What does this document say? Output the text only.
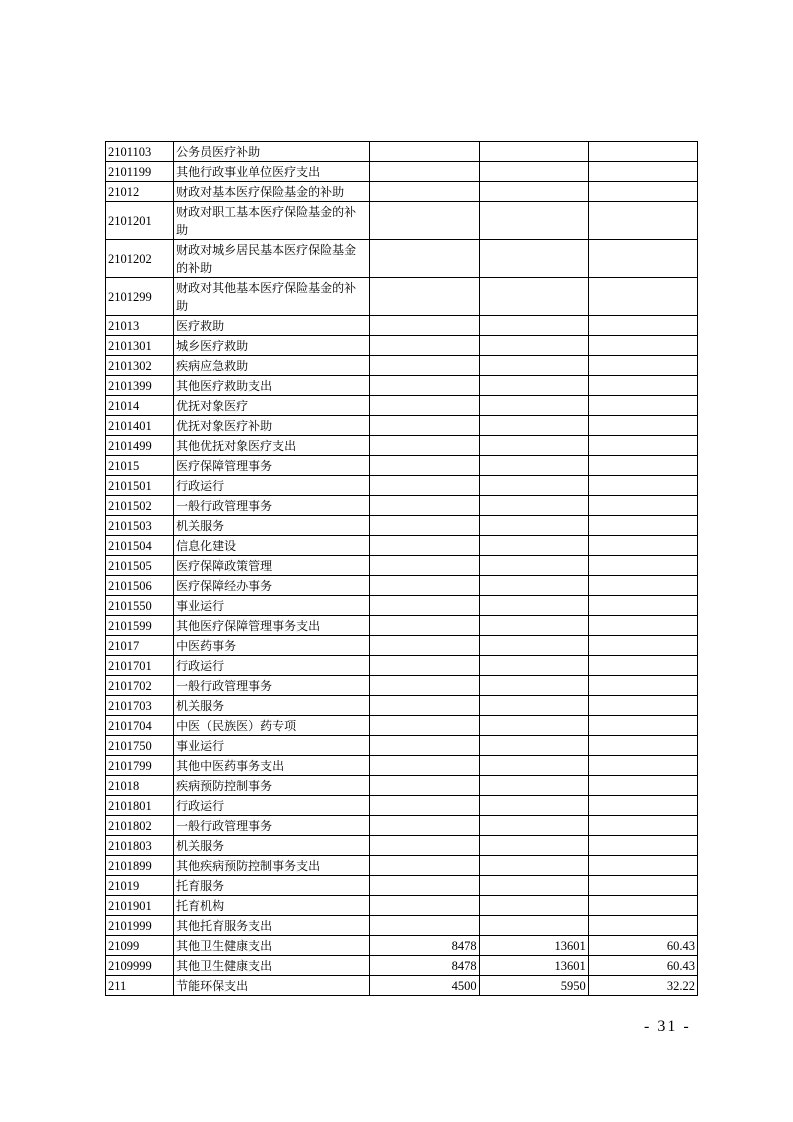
2101103	公务员医疗补助			
2101199	其他行政事业单位医疗支出			
21012	财政对基本医疗保险基金的补助			
2101201	财政对职工基本医疗保险基金的补助			
2101202	财政对城乡居民基本医疗保险基金的补助			
2101299	财政对其他基本医疗保险基金的补助			
21013	医疗救助			
2101301	城乡医疗救助			
2101302	疾病应急救助			
2101399	其他医疗救助支出			
21014	优抚对象医疗			
2101401	优抚对象医疗补助			
2101499	其他优抚对象医疗支出			
21015	医疗保障管理事务			
2101501	行政运行			
2101502	一般行政管理事务			
2101503	机关服务			
2101504	信息化建设			
2101505	医疗保障政策管理			
2101506	医疗保障经办事务			
2101550	事业运行			
2101599	其他医疗保障管理事务支出			
21017	中医药事务			
2101701	行政运行			
2101702	一般行政管理事务			
2101703	机关服务			
2101704	中医（民族医）药专项			
2101750	事业运行			
2101799	其他中医药事务支出			
21018	疾病预防控制事务			
2101801	行政运行			
2101802	一般行政管理事务			
2101803	机关服务			
2101899	其他疾病预防控制事务支出			
21019	托育服务			
2101901	托育机构			
2101999	其他托育服务支出			
21099	其他卫生健康支出	8478	13601	60.43
2109999	其他卫生健康支出	8478	13601	60.43
211	节能环保支出	4500	5950	32.22
- 31 -
